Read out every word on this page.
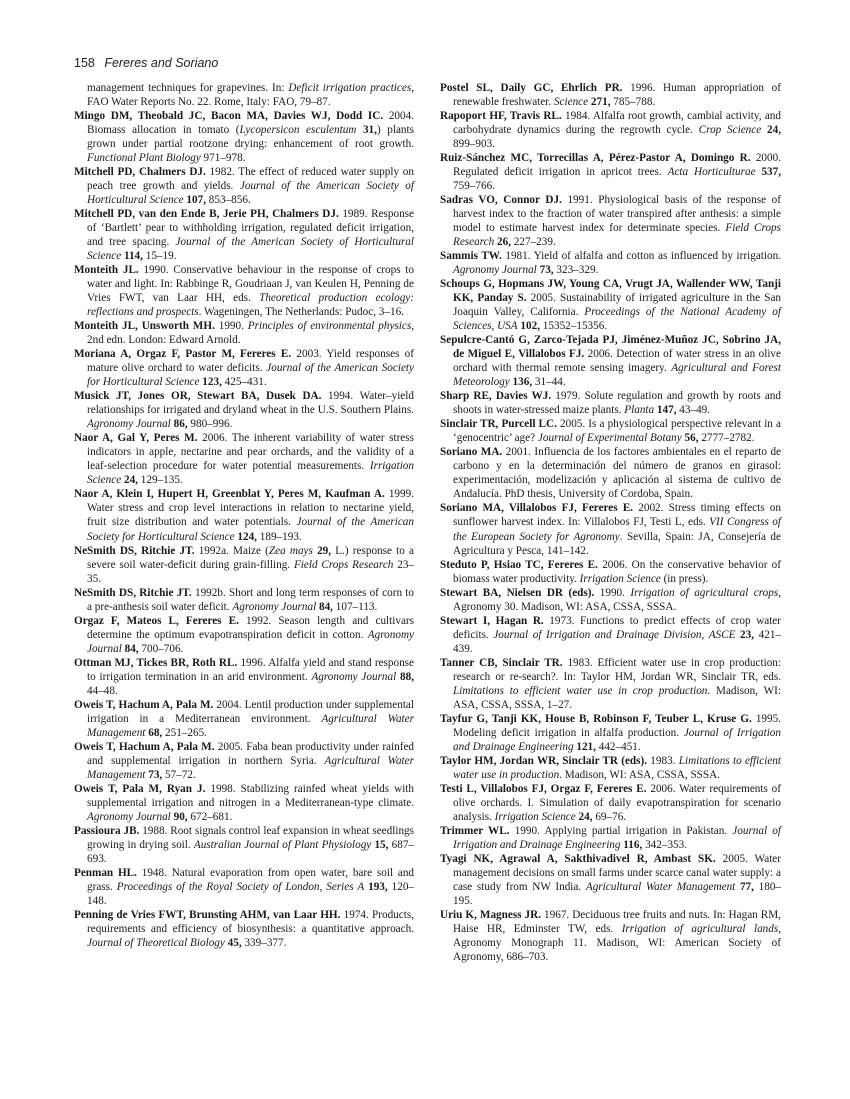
158 Fereres and Soriano

management techniques for grapevines. In: Deficit irrigation practices, FAO Water Reports No. 22. Rome, Italy: FAO, 79–87.

Mingo DM, Theobald JC, Bacon MA, Davies WJ, Dodd IC. 2004. Biomass allocation in tomato (Lycopersicon esculentum 31,) plants grown under partial rootzone drying: enhancement of root growth. Functional Plant Biology 971–978.

Mitchell PD, Chalmers DJ. 1982. The effect of reduced water supply on peach tree growth and yields. Journal of the American Society of Horticultural Science 107, 853–856.

Mitchell PD, van den Ende B, Jerie PH, Chalmers DJ. 1989. Response of ‘Bartlett’ pear to withholding irrigation, regulated deficit irrigation, and tree spacing. Journal of the American Society of Horticultural Science 114, 15–19.

Monteith JL. 1990. Conservative behaviour in the response of crops to water and light. In: Rabbinge R, Goudriaan J, van Keulen H, Penning de Vries FWT, van Laar HH, eds. Theoretical production ecology: reflections and prospects. Wageningen, The Netherlands: Pudoc, 3–16.

Monteith JL, Unsworth MH. 1990. Principles of environmental physics, 2nd edn. London: Edward Arnold.

Moriana A, Orgaz F, Pastor M, Fereres E. 2003. Yield responses of mature olive orchard to water deficits. Journal of the American Society for Horticultural Science 123, 425–431.

Musick JT, Jones OR, Stewart BA, Dusek DA. 1994. Water–yield relationships for irrigated and dryland wheat in the U.S. Southern Plains. Agronomy Journal 86, 980–996.

Naor A, Gal Y, Peres M. 2006. The inherent variability of water stress indicators in apple, nectarine and pear orchards, and the validity of a leaf-selection procedure for water potential measurements. Irrigation Science 24, 129–135.

Naor A, Klein I, Hupert H, Greenblat Y, Peres M, Kaufman A. 1999. Water stress and crop level interactions in relation to nectarine yield, fruit size distribution and water potentials. Journal of the American Society for Horticultural Science 124, 189–193.

NeSmith DS, Ritchie JT. 1992a. Maize (Zea mays 29, L.) response to a severe soil water-deficit during grain-filling. Field Crops Research 23–35.

NeSmith DS, Ritchie JT. 1992b. Short and long term responses of corn to a pre-anthesis soil water deficit. Agronomy Journal 84, 107–113.

Orgaz F, Mateos L, Fereres E. 1992. Season length and cultivars determine the optimum evapotranspiration deficit in cotton. Agronomy Journal 84, 700–706.

Ottman MJ, Tickes BR, Roth RL. 1996. Alfalfa yield and stand response to irrigation termination in an arid environment. Agronomy Journal 88, 44–48.

Oweis T, Hachum A, Pala M. 2004. Lentil production under supplemental irrigation in a Mediterranean environment. Agricultural Water Management 68, 251–265.

Oweis T, Hachum A, Pala M. 2005. Faba bean productivity under rainfed and supplemental irrigation in northern Syria. Agricultural Water Management 73, 57–72.

Oweis T, Pala M, Ryan J. 1998. Stabilizing rainfed wheat yields with supplemental irrigation and nitrogen in a Mediterranean-type climate. Agronomy Journal 90, 672–681.

Passioura JB. 1988. Root signals control leaf expansion in wheat seedlings growing in drying soil. Australian Journal of Plant Physiology 15, 687–693.

Penman HL. 1948. Natural evaporation from open water, bare soil and grass. Proceedings of the Royal Society of London, Series A 193, 120–148.

Penning de Vries FWT, Brunsting AHM, van Laar HH. 1974. Products, requirements and efficiency of biosynthesis: a quantitative approach. Journal of Theoretical Biology 45, 339–377.

Postel SL, Daily GC, Ehrlich PR. 1996. Human appropriation of renewable freshwater. Science 271, 785–788.

Rapoport HF, Travis RL. 1984. Alfalfa root growth, cambial activity, and carbohydrate dynamics during the regrowth cycle. Crop Science 24, 899–903.

Ruiz-Sánchez MC, Torrecillas A, Pérez-Pastor A, Domingo R. 2000. Regulated deficit irrigation in apricot trees. Acta Horticulturae 537, 759–766.

Sadras VO, Connor DJ. 1991. Physiological basis of the response of harvest index to the fraction of water transpired after anthesis: a simple model to estimate harvest index for determinate species. Field Crops Research 26, 227–239.

Sammis TW. 1981. Yield of alfalfa and cotton as influenced by irrigation. Agronomy Journal 73, 323–329.

Schoups G, Hopmans JW, Young CA, Vrugt JA, Wallender WW, Tanji KK, Panday S. 2005. Sustainability of irrigated agriculture in the San Joaquin Valley, California. Proceedings of the National Academy of Sciences, USA 102, 15352–15356.

Sepulcre-Cantó G, Zarco-Tejada PJ, Jiménez-Muñoz JC, Sobrino JA, de Miguel E, Villalobos FJ. 2006. Detection of water stress in an olive orchard with thermal remote sensing imagery. Agricultural and Forest Meteorology 136, 31–44.

Sharp RE, Davies WJ. 1979. Solute regulation and growth by roots and shoots in water-stressed maize plants. Planta 147, 43–49.

Sinclair TR, Purcell LC. 2005. Is a physiological perspective relevant in a ‘genocentric’ age? Journal of Experimental Botany 56, 2777–2782.

Soriano MA. 2001. Influencia de los factores ambientales en el reparto de carbono y en la determinación del número de granos en girasol: experimentación, modelización y aplicación al sistema de cultivo de Andalucía. PhD thesis, University of Cordoba, Spain.

Soriano MA, Villalobos FJ, Fereres E. 2002. Stress timing effects on sunflower harvest index. In: Villalobos FJ, Testi L, eds. VII Congress of the European Society for Agronomy. Sevilla, Spain: JA, Consejería de Agricultura y Pesca, 141–142.

Steduto P, Hsiao TC, Fereres E. 2006. On the conservative behavior of biomass water productivity. Irrigation Science (in press).

Stewart BA, Nielsen DR (eds). 1990. Irrigation of agricultural crops, Agronomy 30. Madison, WI: ASA, CSSA, SSSA.

Stewart I, Hagan R. 1973. Functions to predict effects of crop water deficits. Journal of Irrigation and Drainage Division, ASCE 23, 421–439.

Tanner CB, Sinclair TR. 1983. Efficient water use in crop production: research or re-search?. In: Taylor HM, Jordan WR, Sinclair TR, eds. Limitations to efficient water use in crop production. Madison, WI: ASA, CSSA, SSSA, 1–27.

Tayfur G, Tanji KK, House B, Robinson F, Teuber L, Kruse G. 1995. Modeling deficit irrigation in alfalfa production. Journal of Irrigation and Drainage Engineering 121, 442–451.

Taylor HM, Jordan WR, Sinclair TR (eds). 1983. Limitations to efficient water use in production. Madison, WI: ASA, CSSA, SSSA.

Testi L, Villalobos FJ, Orgaz F, Fereres E. 2006. Water requirements of olive orchards. I. Simulation of daily evapotranspiration for scenario analysis. Irrigation Science 24, 69–76.

Trimmer WL. 1990. Applying partial irrigation in Pakistan. Journal of Irrigation and Drainage Engineering 116, 342–353.

Tyagi NK, Agrawal A, Sakthivadivel R, Ambast SK. 2005. Water management decisions on small farms under scarce canal water supply: a case study from NW India. Agricultural Water Management 77, 180–195.

Uriu K, Magness JR. 1967. Deciduous tree fruits and nuts. In: Hagan RM, Haise HR, Edminster TW, eds. Irrigation of agricultural lands, Agronomy Monograph 11. Madison, WI: American Society of Agronomy, 686–703.
